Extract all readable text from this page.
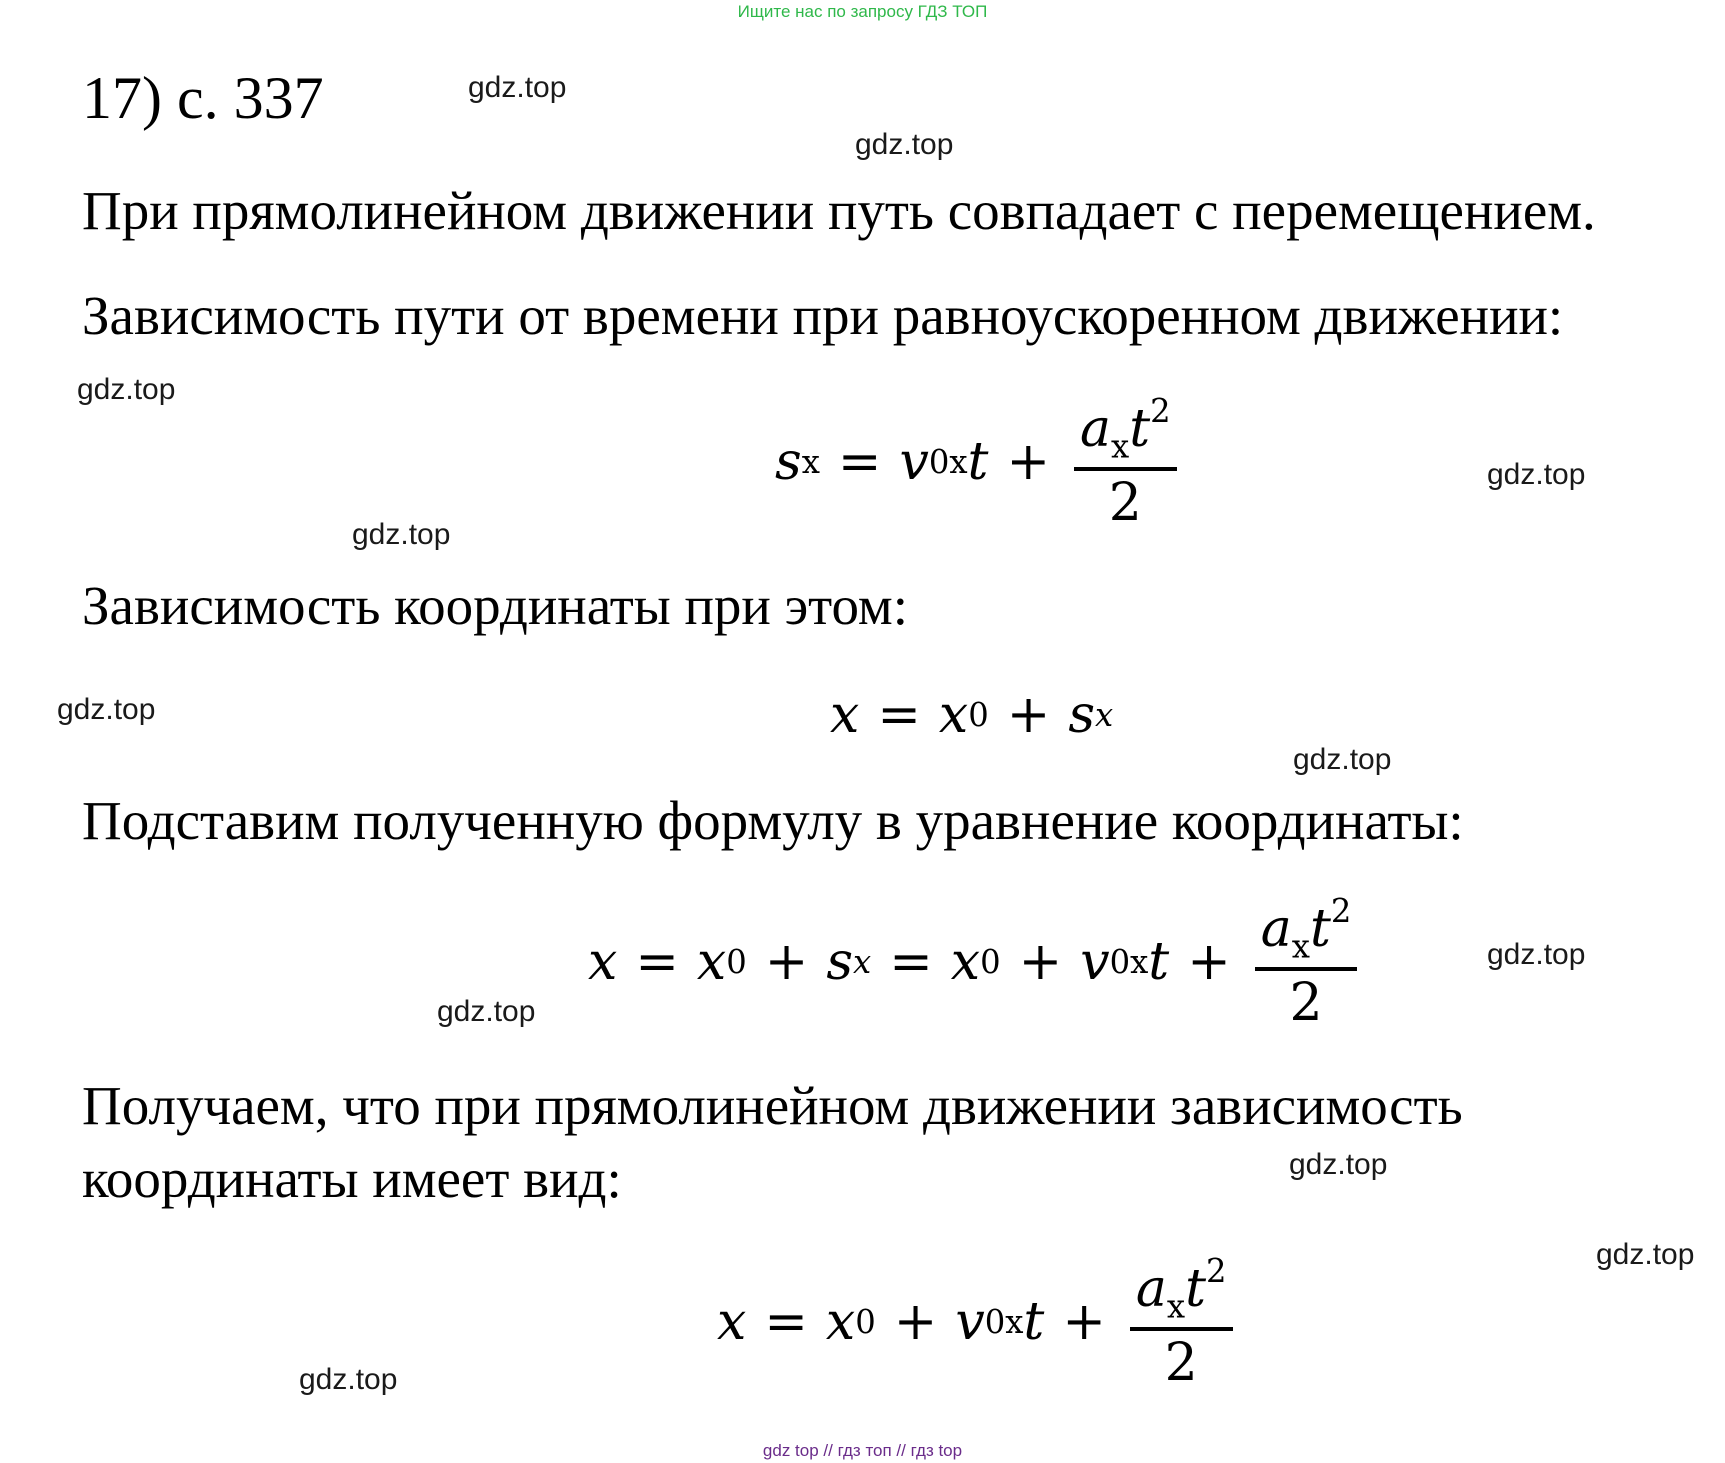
Ищите нас по запросу ГДЗ ТОП
17) с. 337
При прямолинейном движении путь совпадает с перемещением.
Зависимость пути от времени при равноускоренном движении:
s x = v 0x $t + \frac{a_xt^2}{2}$
Зависимость координаты при этом:
x = x 0 + s x
Подставим полученную формулу в уравнение координаты:
x = x 0 + s x = x 0 + v 0x $t + \frac{a_xt^2}{2}$
Получаем, что при прямолинейном движении зависимость
координаты имеет вид:
x = x 0 + v 0x $t + \frac{a_xt^2}{2}$
gdz.top
gdz.top
gdz.top
gdz.top
gdz.top
gdz.top
gdz.top
gdz.top
gdz.top
gdz.top
gdz.top
gdz.top
gdz top // гдз топ // гдз top
